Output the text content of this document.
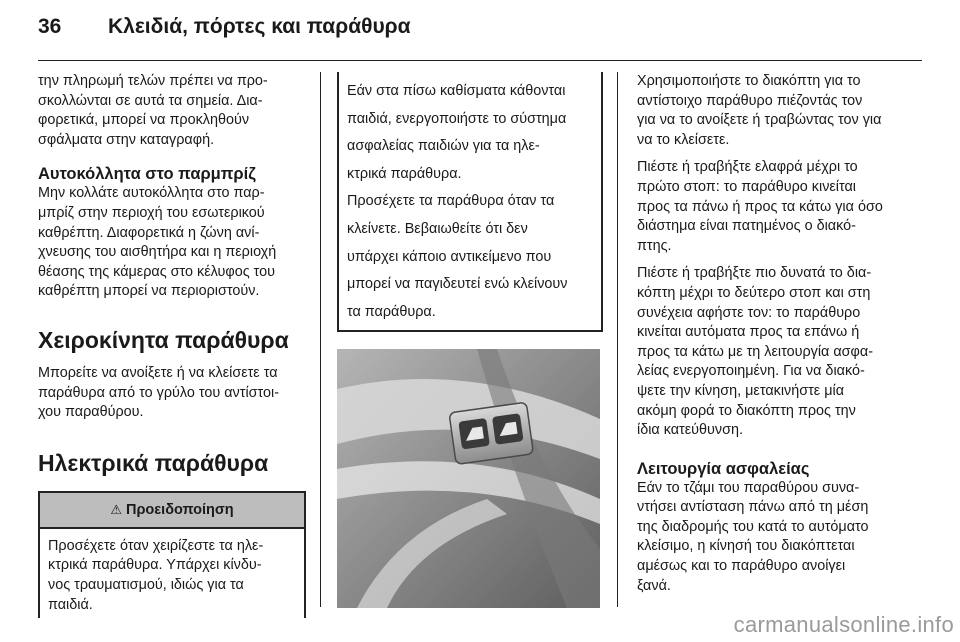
36	Κλειδιά, πόρτες και παράθυρα

την πληρωμή τελών πρέπει να προ-

σκολλώνται σε αυτά τα σημεία. Δια-

φορετικά, μπορεί να προκληθούν

σφάλματα στην καταγραφή.

Αυτοκόλλητα στο παρμπρίζ

Μην κολλάτε αυτοκόλλητα στο παρ-

μπρίζ στην περιοχή του εσωτερικού

καθρέπτη. Διαφορετικά η ζώνη ανί-

χνευσης του αισθητήρα και η περιοχή

θέασης της κάμερας στο κέλυφος του

καθρέπτη μπορεί να περιοριστούν.

Χειροκίνητα παράθυρα

Μπορείτε να ανοίξετε ή να κλείσετε τα

παράθυρα από το γρύλο του αντίστοι-

χου παραθύρου.

Ηλεκτρικά παράθυρα
⚠ Προειδοποίηση

Προσέχετε όταν χειρίζεστε τα ηλε-

κτρικά παράθυρα. Υπάρχει κίνδυ-

νος τραυματισμού, ιδιώς για τα

παιδιά.

Εάν στα πίσω καθίσματα κάθονται

παιδιά, ενεργοποιήστε το σύστημα

ασφαλείας παιδιών για τα ηλε-

κτρικά παράθυρα.

Προσέχετε τα παράθυρα όταν τα

κλείνετε. Βεβαιωθείτε ότι δεν

υπάρχει κάποιο αντικείμενο που

μπορεί να παγιδευτεί ενώ κλείνουν

τα παράθυρα.

Χρησιμοποιήστε το διακόπτη για το

αντίστοιχο παράθυρο πιέζοντάς τον

για να το ανοίξετε ή τραβώντας τον για

να το κλείσετε.

Πιέστε ή τραβήξτε ελαφρά μέχρι το

πρώτο στοπ: το παράθυρο κινείται

προς τα πάνω ή προς τα κάτω για όσο

διάστημα είναι πατημένος ο διακό-

πτης.

Πιέστε ή τραβήξτε πιο δυνατά το δια-

κόπτη μέχρι το δεύτερο στοπ και στη

συνέχεια αφήστε τον: το παράθυρο

κινείται αυτόματα προς τα επάνω ή

προς τα κάτω με τη λειτουργία ασφα-

λείας ενεργοποιημένη. Για να διακό-

ψετε την κίνηση, μετακινήστε μία

ακόμη φορά το διακόπτη προς την

ίδια κατεύθυνση.

Λειτουργία ασφαλείας

Εάν το τζάμι του παραθύρου συνα-

ντήσει αντίσταση πάνω από τη μέση

της διαδρομής του κατά το αυτόματο

κλείσιμο, η κίνησή του διακόπτεται

αμέσως και το παράθυρο ανοίγει

ξανά.

carmanualsonline.info
